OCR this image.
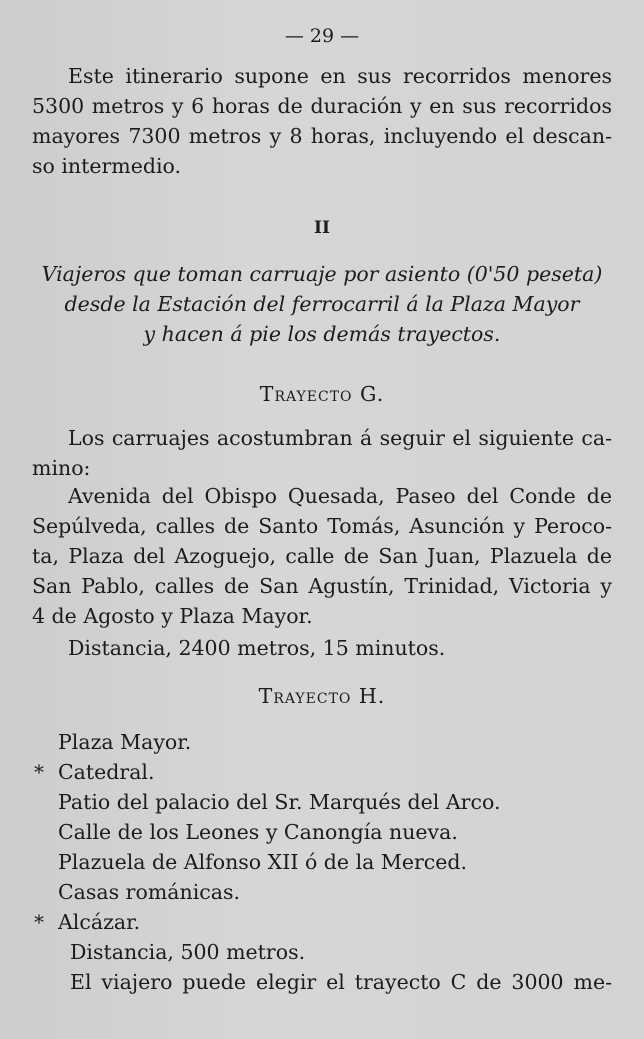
— 29 —
Este itinerario supone en sus recorridos menores
5300 metros y 6 horas de duración y en sus recorridos
mayores 7300 metros y 8 horas, incluyendo el descan-
so intermedio.
II
Viajeros que toman carruaje por asiento (0'50 peseta)
desde la Estación del ferrocarril á la Plaza Mayor
y hacen á pie los demás trayectos.
Trayecto G.
Los carruajes acostumbran á seguir el siguiente ca-
mino:
Avenida del Obispo Quesada, Paseo del Conde de
Sepúlveda, calles de Santo Tomás, Asunción y Peroco-
ta, Plaza del Azoguejo, calle de San Juan, Plazuela de
San Pablo, calles de San Agustín, Trinidad, Victoria y
4 de Agosto y Plaza Mayor.
Distancia, 2400 metros, 15 minutos.
Trayecto H.
Plaza Mayor.
* Catedral.
Patio del palacio del Sr. Marqués del Arco.
Calle de los Leones y Canongía nueva.
Plazuela de Alfonso XII ó de la Merced.
Casas románicas.
* Alcázar.
Distancia, 500 metros.
El viajero puede elegir el trayecto C de 3000 me-
